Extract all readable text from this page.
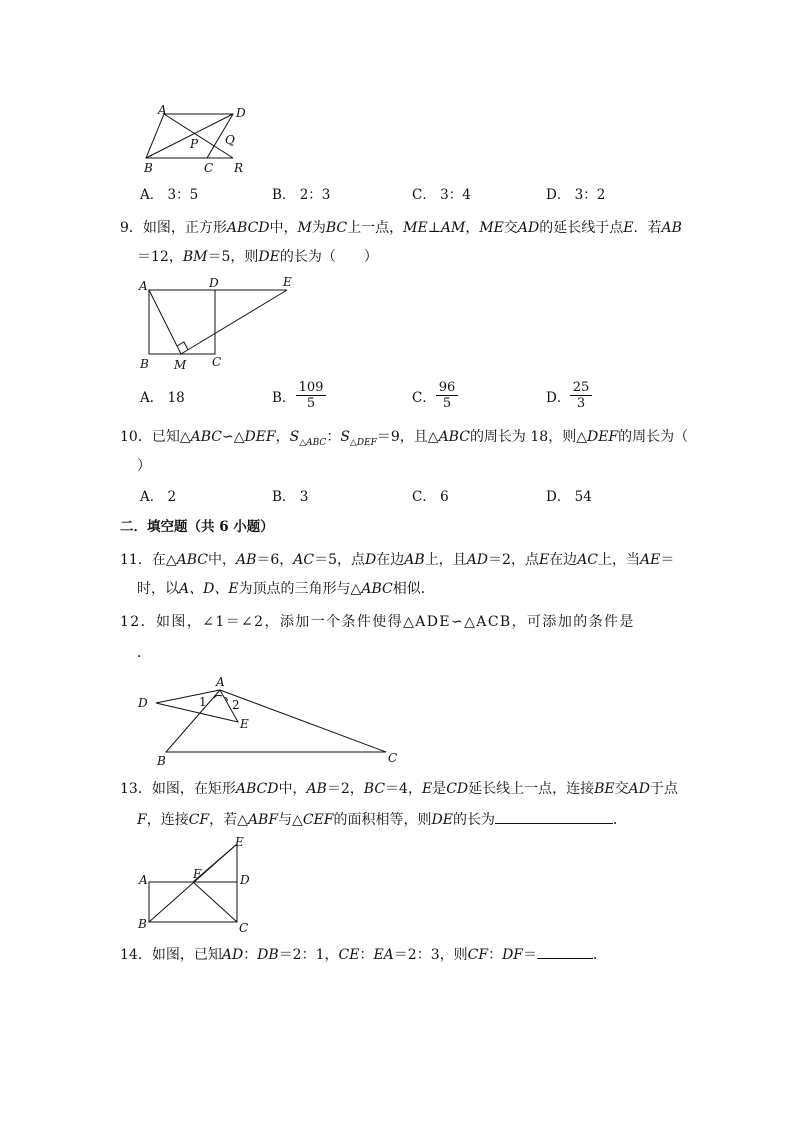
A	D
P Q
B	C R
A． 3：5	B． 2：3	C． 3：4	D． 3：2
9．如图，正方形ABCD中，M为BC上一点，ME⊥AM，ME交AD的延长线于点E．若AB
＝12，BM＝5，则DE的长为（　　）
A	D	E
B M C
A． 18	B． $\frac{109}{5}$	C． $\frac{96}{5}$	D． $\frac{25}{3}$
10．已知△ABC∽△DEF，$S_{\triangle ABC}$：$S_{\triangle DEF}=9$，且△ABC的周长为 18，则△DEF的周长为（
）
A． 2	B． 3	C． 6	D． 54
二．填空题（共 6 小题）
11．在△ABC中，AB＝6，AC＝5，点D在边AB上，且AD＝2，点E在边AC上，当AE＝
时，以A、D、E为顶点的三角形与△ABC相似．
12．如图，∠1＝∠2，添加一个条件使得△ADE∽△ACB，可添加的条件是
．
A
D	1 2
E
B	C
13．如图，在矩形ABCD中，AB＝2，BC＝4，E是CD延长线上一点，连接BE交AD于点
F，连接CF，若△ABF与△CEF的面积相等，则DE的长为	．
E
A	F	D
B	C
14．如图，已知AD：DB＝2：1，CE：EA＝2：3，则CF：DF＝	．
